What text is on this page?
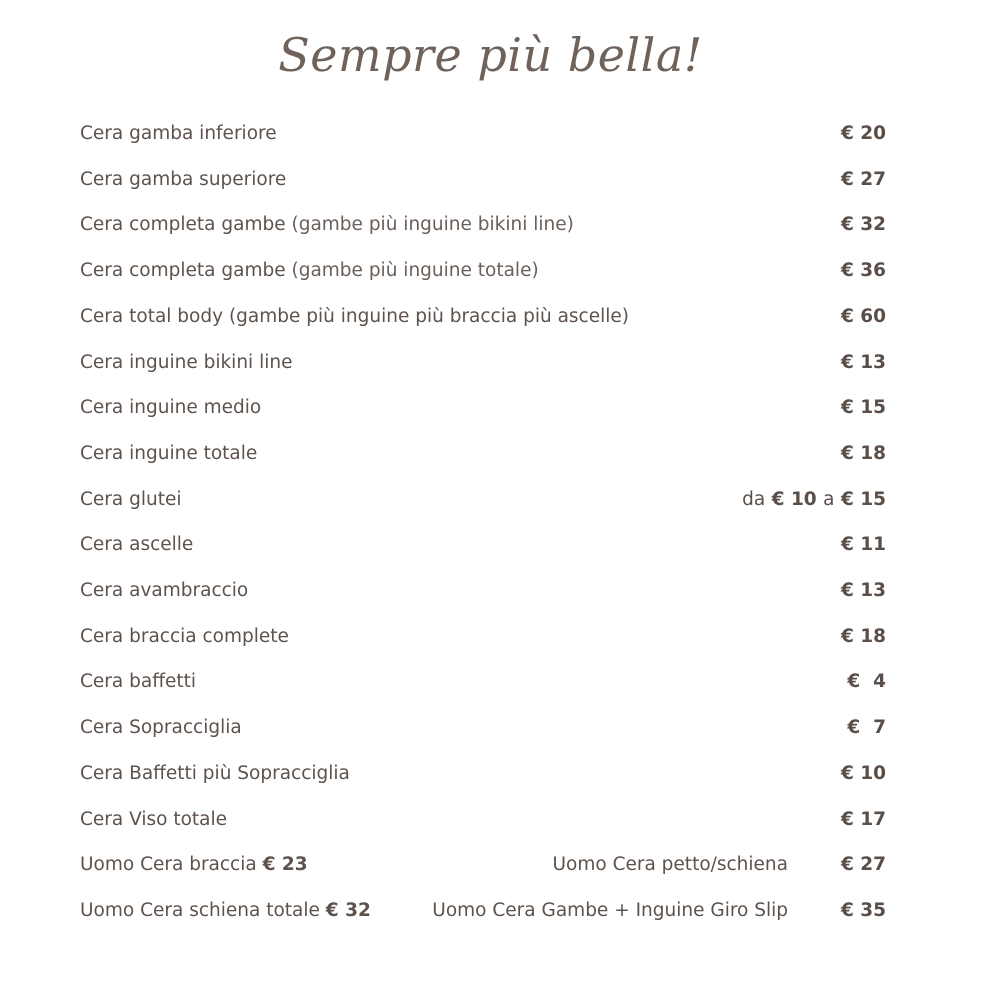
Sempre più bella!
Cera gamba inferiore	€ 20
Cera gamba superiore	€ 27
Cera completa gambe (gambe più inguine bikini line)	€ 32
Cera completa gambe (gambe più inguine totale)	€ 36
Cera total body (gambe più inguine più braccia più ascelle)	€ 60
Cera inguine bikini line	€ 13
Cera inguine medio	€ 15
Cera inguine totale	€ 18
Cera glutei	da € 10 a € 15
Cera ascelle	€ 11
Cera avambraccio	€ 13
Cera braccia complete	€ 18
Cera baffetti	€  4
Cera Sopracciglia	€  7
Cera Baffetti più Sopracciglia	€ 10
Cera Viso totale	€ 17
Uomo Cera braccia € 23	Uomo Cera petto/schiena	€ 27
Uomo Cera schiena totale € 32	Uomo Cera Gambe + Inguine Giro Slip	€ 35
